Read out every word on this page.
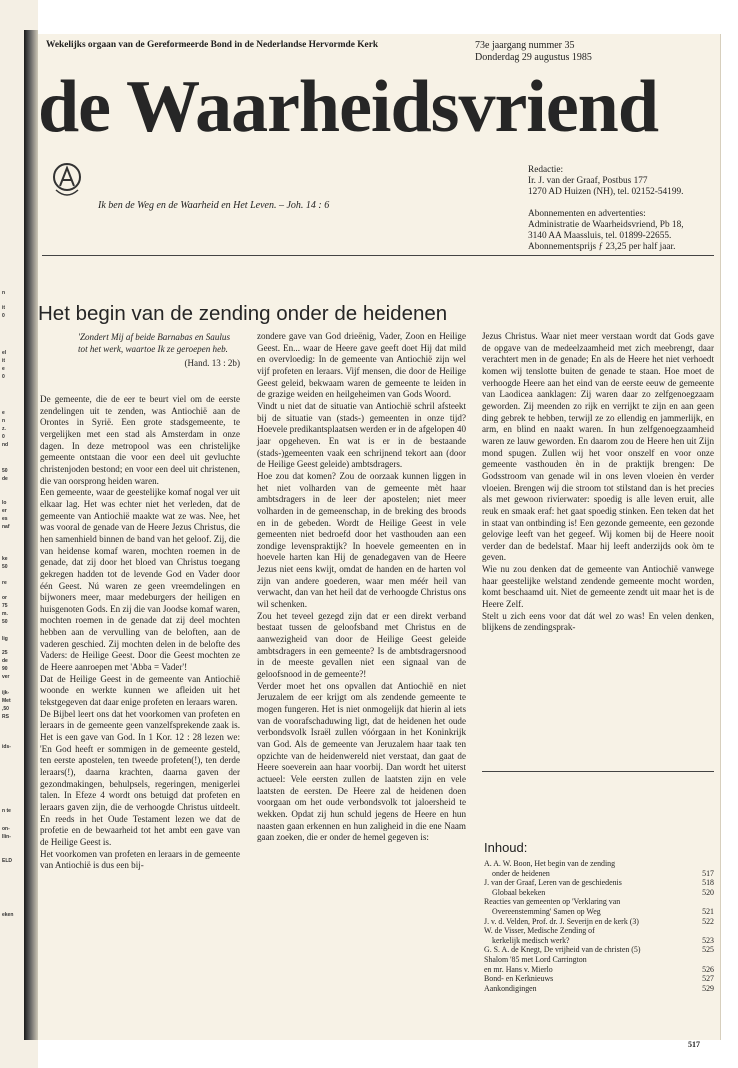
n
it
0
el
it
e
0
e
n
z.
0
nd
50
de
lo
er
es
naf
ke
50
re
or
75
m.
50
lig
25
de
90
ver
ijk-
Met
,50
RS
ids-
n te
on-
llin-
ELD
eken
Wekelijks orgaan van de Gereformeerde Bond in de Nederlandse Hervormde Kerk	73e jaargang nummer 35
Donderdag 29 augustus 1985
de Waarheidsvriend
Ik ben de Weg en de Waarheid en Het Leven. – Joh. 14 : 6
Redactie:
Ir. J. van der Graaf, Postbus 177
1270 AD Huizen (NH), tel. 02152-54199.
Abonnementen en advertenties:
Administratie de Waarheidsvriend, Pb 18,
3140 AA Maassluis, tel. 01899-22655.
Abonnementsprijs ƒ 23,25 per half jaar.
Het begin van de zending onder de heidenen
'Zondert Mij af beide Barnabas en Saulus tot het werk, waartoe Ik ze geroepen heb.
(Hand. 13 : 2b)

De gemeente, die de eer te beurt viel om de eerste zendelingen uit te zenden, was Antiochië aan de Orontes in Syrië. Een grote stadsgemeente, te vergelijken met een stad als Amsterdam in onze dagen. In deze metropool was een christelijke gemeente ontstaan die voor een deel uit gevluchte christenjoden bestond; en voor een deel uit christenen, die van oorsprong heiden waren.

Een gemeente, waar de geestelijke komaf nogal ver uit elkaar lag. Het was echter niet het verleden, dat de gemeente van Antiochië maakte wat ze was. Nee, het was vooral de genade van de Heere Jezus Christus, die hen samenhield binnen de band van het geloof. Zij, die van heidense komaf waren, mochten roemen in de genade, dat zij door het bloed van Christus toegang gekregen hadden tot de levende God en Vader door één Geest. Nú waren ze geen vreemdelingen en bijwoners meer, maar medeburgers der heiligen en huisgenoten Gods. En zij die van Joodse komaf waren, mochten roemen in de genade dat zij deel mochten hebben aan de vervulling van de beloften, aan de vaderen geschied. Zij mochten delen in de belofte des Vaders: de Heilige Geest. Door die Geest mochten ze de Heere aanroepen met 'Abba = Vader'!

Dat de Heilige Geest in de gemeente van Antiochië woonde en werkte kunnen we afleiden uit het tekstgegeven dat daar enige profeten en leraars waren.

De Bijbel leert ons dat het voorkomen van profeten en leraars in de gemeente geen vanzelfsprekende zaak is. Het is een gave van God. In 1 Kor. 12 : 28 lezen we: 'En God heeft er sommigen in de gemeente gesteld, ten eerste apostelen, ten tweede profeten(!), ten derde leraars(!), daarna krachten, daarna gaven der gezondmakingen, behulpsels, regeringen, menigerlei talen. In Efeze 4 wordt ons betuigd dat profeten en leraars gaven zijn, die de verhoogde Christus uitdeelt. En reeds in het Oude Testament lezen we dat de profetie en de bewaarheid tot het ambt een gave van de Heilige Geest is.

Het voorkomen van profeten en leraars in de gemeente van Antiochië is dus een bij-

zondere gave van God drieënig, Vader, Zoon en Heilige Geest. En... waar de Heere gave geeft doet Hij dat mild en overvloedig: In de gemeente van Antiochië zijn wel vijf profeten en leraars. Vijf mensen, die door de Heilige Geest geleid, bekwaam waren de gemeente te leiden in de grazige weiden en heilgeheimen van Gods Woord.

Vindt u niet dat de situatie van Antiochië schril afsteekt bij de situatie van (stads-) gemeenten in onze tijd? Hoevele predikantsplaatsen werden er in de afgelopen 40 jaar opgeheven. En wat is er in de bestaande (stads-)gemeenten vaak een schrijnend tekort aan (door de Heilige Geest geleide) ambtsdragers.

Hoe zou dat komen? Zou de oorzaak kunnen liggen in het niet volharden van de gemeente mèt haar ambtsdragers in de leer der apostelen; niet meer volharden in de gemeenschap, in de breking des broods en in de gebeden. Wordt de Heilige Geest in vele gemeenten niet bedroefd door het vasthouden aan een zondige levenspraktijk? In hoevele gemeenten en in hoevele harten kan Hij de genadegaven van de Heere Jezus niet eens kwijt, omdat de handen en de harten vol zijn van andere goederen, waar men méér heil van verwacht, dan van het heil dat de verhoogde Christus ons wil schenken.

Zou het teveel gezegd zijn dat er een direkt verband bestaat tussen de geloofsband met Christus en de aanwezigheid van door de Heilige Geest geleide ambtsdragers in een gemeente? Is de ambtsdragersnood in de meeste gevallen niet een signaal van de geloofsnood in de gemeente?!

Verder moet het ons opvallen dat Antiochië en niet Jeruzalem de eer krijgt om als zendende gemeente te mogen fungeren. Het is niet onmogelijk dat hierin al iets van de voorafschaduwing ligt, dat de heidenen het oude verbondsvolk Israël zullen vóórgaan in het Koninkrijk van God. Als de gemeente van Jeruzalem haar taak ten opzichte van de heidenwereld niet verstaat, dan gaat de Heere soeverein aan haar voorbij. Dan wordt het uiterst actueel: Vele eersten zullen de laatsten zijn en vele laatsten de eersten. De Heere zal de heidenen doen voorgaan om het oude verbondsvolk tot jaloersheid te wekken. Opdat zij hun schuld jegens de Heere en hun naasten gaan erkennen en hun zaligheid in die ene Naam gaan zoeken, die er onder de hemel gegeven is:

Jezus Christus. Waar niet meer verstaan wordt dat Gods gave de opgave van de medeelzaamheid met zich meebrengt, daar verachtert men in de genade; En als de Heere het niet verhoedt komen wij tenslotte buiten de genade te staan. Hoe moet de verhoogde Heere aan het eind van de eerste eeuw de gemeente van Laodicea aanklagen: Zij waren daar zo zelfgenoegzaam geworden. Zij meenden zo rijk en verrijkt te zijn en aan geen ding gebrek te hebben, terwijl ze zo ellendig en jammerlijk, en arm, en blind en naakt waren. In hun zelfgenoegzaamheid waren ze lauw geworden. En daarom zou de Heere hen uit Zijn mond spugen. Zullen wij het voor onszelf en voor onze gemeente vasthouden èn in de praktijk brengen: De Godsstroom van genade wil in ons leven vloeien èn verder vloeien. Brengen wij die stroom tot stilstand dan is het precies als met gewoon rivierwater: spoedig is alle leven eruit, alle reuk en smaak eraf: het gaat spoedig stinken. Een teken dat het in staat van ontbinding is! Een gezonde gemeente, een gezonde gelovige leeft van het gegeef. Wij komen bij de Heere nooit verder dan de bedelstaf. Maar hij leeft anderzijds ook òm te geven.

Wie nu zou denken dat de gemeente van Antiochië vanwege haar geestelijke welstand zendende gemeente mocht worden, komt beschaamd uit. Niet de gemeente zendt uit maar het is de Heere Zelf.

Stelt u zich eens voor dat dát wel zo was! En velen denken, blijkens de zendingsprak-

Inhoud:
A. A. W. Boon, Het begin van de zending
onder de heidenen	517
J. van der Graaf, Leren van de geschiedenis	518
Globaal bekeken	520
Reacties van gemeenten op 'Verklaring van
Overeenstemming' Samen op Weg	521
J. v. d. Velden, Prof. dr. J. Severijn en de kerk (3)	522
W. de Visser, Medische Zending of
kerkelijk medisch werk?	523
G. S. A. de Knegt, De vrijheid van de christen (5)	525
Shalom '85 met Lord Carrington
en mr. Hans v. Mierlo	526
Bond- en Kerknieuws	527
Aankondigingen	529
517
